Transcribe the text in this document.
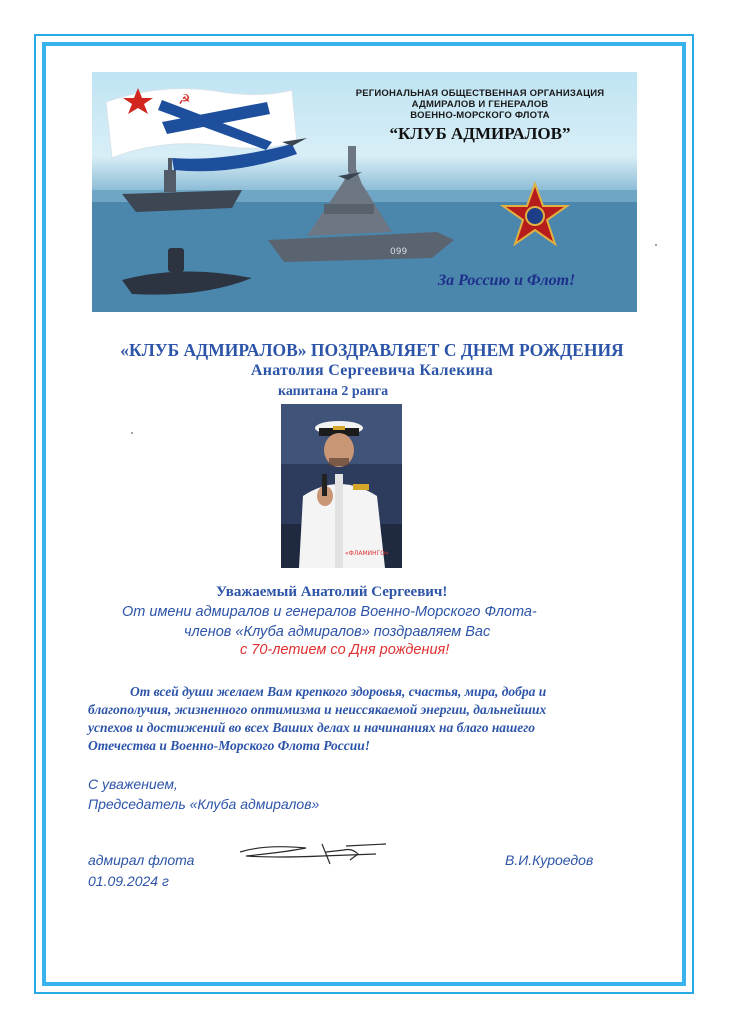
☭
099
РЕГИОНАЛЬНАЯ ОБЩЕСТВЕННАЯ ОРГАНИЗАЦИЯ
АДМИРАЛОВ И ГЕНЕРАЛОВ
ВОЕННО-МОРСКОГО ФЛОТА
“КЛУБ АДМИРАЛОВ”
За Россию и Флот!
«КЛУБ АДМИРАЛОВ» ПОЗДРАВЛЯЕТ С ДНЕМ РОЖДЕНИЯ
Анатолия Сергеевича Калекина
капитана 2 ранга
«ФЛАМИНГО»
Уважаемый Анатолий Сергеевич!
От имени адмиралов и генералов Военно-Морского Флота-
членов «Клуба адмиралов» поздравляем Вас
с 70-летием со Дня рождения!
От всей души желаем Вам крепкого здоровья, счастья, мира, добра и
благополучия, жизненного оптимизма и неиссякаемой энергии, дальнейших
успехов и достижений во всех Ваших делах и начинаниях на благо нашего
Отечества и Военно-Морского Флота России!
С уважением,
Председатель «Клуба адмиралов»
адмирал флота
01.09.2024 г
В.И.Куроедов
